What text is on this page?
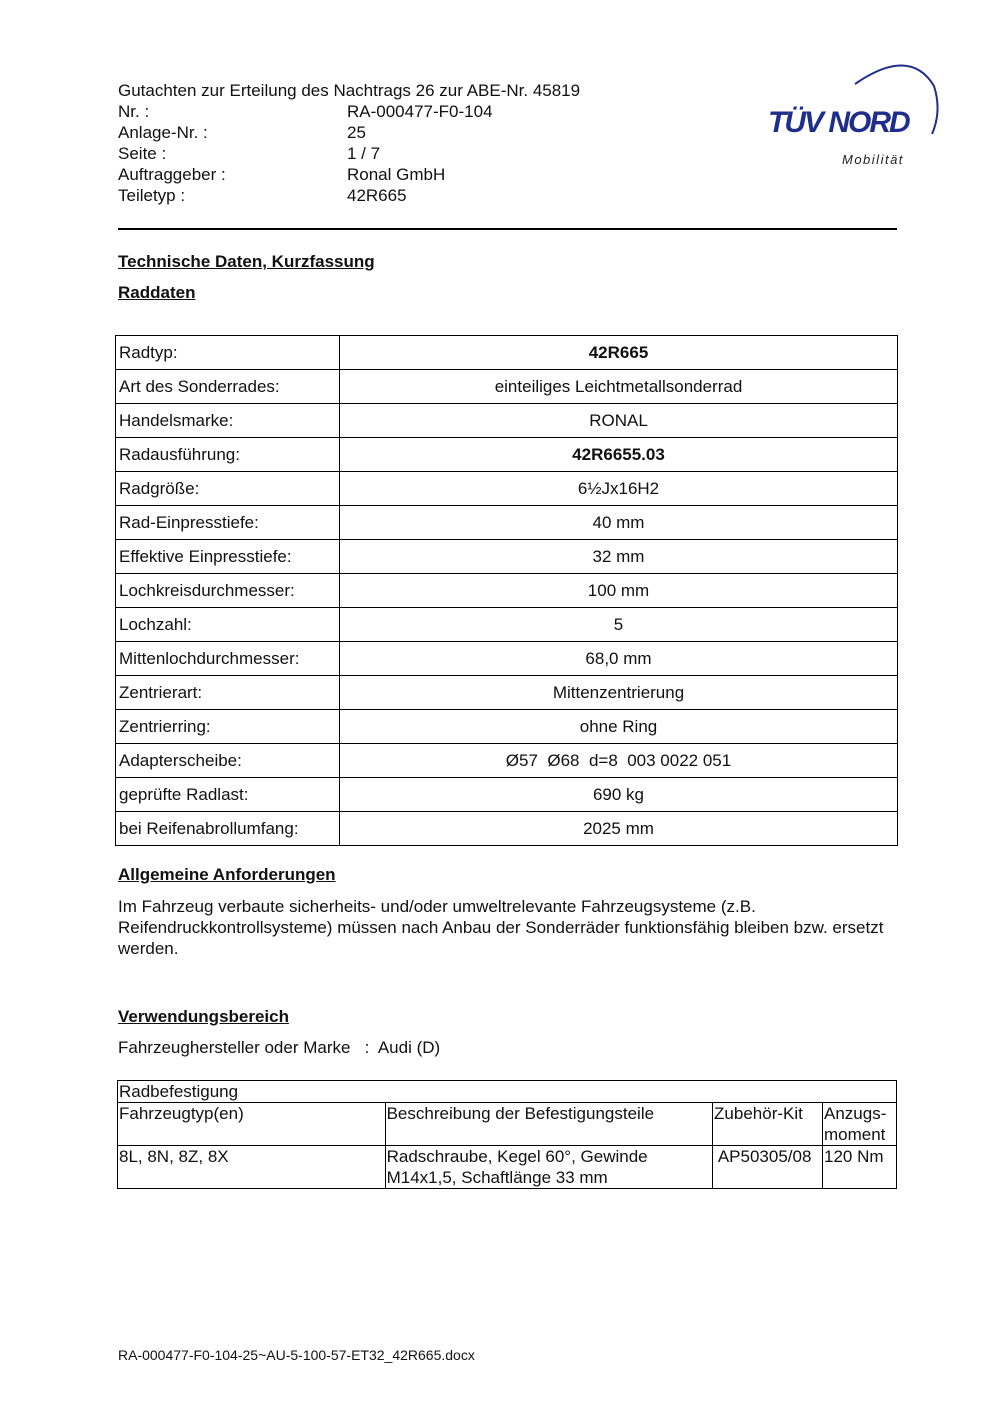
Gutachten zur Erteilung des Nachtrags 26 zur ABE-Nr. 45819
Nr. :	RA-000477-F0-104
Anlage-Nr. :	25
Seite :	1 / 7
Auftraggeber :	Ronal GmbH
Teiletyp :	42R665
TÜV NORD
Mobilität
Technische Daten, Kurzfassung
Raddaten
Radtyp:	42R665
Art des Sonderrades:	einteiliges Leichtmetallsonderrad
Handelsmarke:	RONAL
Radausführung:	42R6655.03
Radgröße:	6½Jx16H2
Rad-Einpresstiefe:	40 mm
Effektive Einpresstiefe:	32 mm
Lochkreisdurchmesser:	100 mm
Lochzahl:	5
Mittenlochdurchmesser:	68,0 mm
Zentrierart:	Mittenzentrierung
Zentrierring:	ohne Ring
Adapterscheibe:	Ø57  Ø68  d=8  003 0022 051
geprüfte Radlast:	690 kg
bei Reifenabrollumfang:	2025 mm
Allgemeine Anforderungen
Im Fahrzeug verbaute sicherheits- und/oder umweltrelevante Fahrzeugsysteme (z.B. Reifendruckkontrollsysteme) müssen nach Anbau der Sonderräder funktionsfähig bleiben bzw. ersetzt werden.
Verwendungsbereich
Fahrzeughersteller oder Marke   :  Audi (D)
Radbefestigung			
Fahrzeugtyp(en)	Beschreibung der Befestigungsteile	Zubehör-Kit	Anzugs-moment
8L, 8N, 8Z, 8X	Radschraube, Kegel 60°, Gewinde M14x1,5, Schaftlänge 33 mm	AP50305/08	120 Nm
RA-000477-F0-104-25~AU-5-100-57-ET32_42R665.docx
